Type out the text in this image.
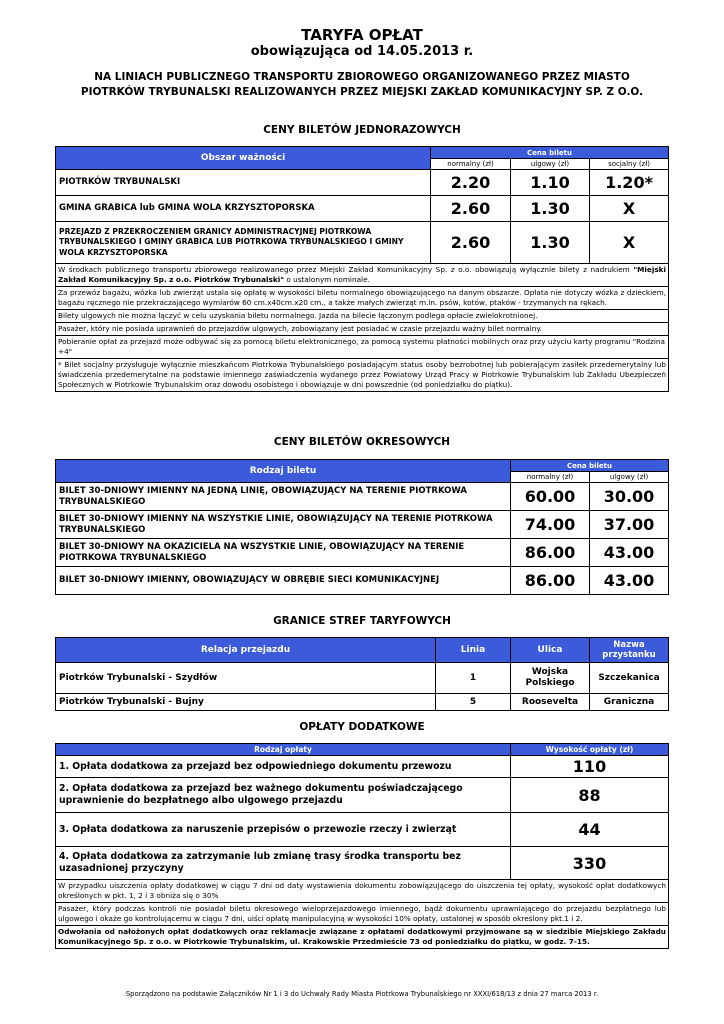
TARYFA OPŁAT
obowiązująca od 14.05.2013 r.
NA LINIACH PUBLICZNEGO TRANSPORTU ZBIOROWEGO ORGANIZOWANEGO PRZEZ MIASTO PIOTRKÓW TRYBUNALSKI REALIZOWANYCH PRZEZ MIEJSKI ZAKŁAD KOMUNIKACYJNY SP. Z O.O.
CENY BILETÓW JEDNORAZOWYCH
Obszar ważności	Cena biletu		
	normalny (zł)	ulgowy (zł)	socjalny (zł)
PIOTRKÓW TRYBUNALSKI	2.20	1.10	1.20*
GMINA GRABICA lub GMINA WOLA KRZYSZTOPORSKA	2.60	1.30	X
PRZEJAZD Z PRZEKROCZENIEM GRANICY ADMINISTRACYJNEJ PIOTRKOWA TRYBUNALSKIEGO I GMINY GRABICA LUB PIOTRKOWA TRYBUNALSKIEGO I GMINY WOLA KRZYSZTOPORSKA	2.60	1.30	X
W środkach publicznego transportu zbiorowego realizowanego przez Miejski Zakład Komunikacyjny Sp. z o.o. obowiązują wyłącznie bilety z nadrukiem "Miejski Zakład Komunikacyjny Sp. z o.o. Piotrków Trybunalski" o ustalonym nominale.			
Za przewóz bagażu, wózka lub zwierząt ustala się opłatę w wysokości biletu normalnego obowiązującego na danym obszarze. Opłata nie dotyczy wózka z dzieckiem, bagażu ręcznego nie przekraczającego wymiarów 60 cm.x40cm.x20 cm., a także małych zwierząt m.in. psów, kotów, ptaków - trzymanych na rękach.			
Bilety ulgowych nie można łączyć w celu uzyskania biletu normalnego. Jazda na bilecie łączonym podlega opłacie zwielokrotnionej.			
Pasażer, który nie posiada uprawnień do przejazdów ulgowych, zobowiązany jest posiadać w czasie przejazdu ważny bilet normalny.			
Pobieranie opłat za przejazd może odbywać się za pomocą biletu elektronicznego, za pomocą systemu płatności mobilnych oraz przy użyciu karty programu "Rodzina +4"			
* Bilet socjalny przysługuje wyłącznie mieszkańcom Piotrkowa Trybunalskiego posiadającym status osoby bezrobotnej lub pobierającym zasiłek przedemerytalny lub świadczenia przedemerytalne na podstawie imiennego zaświadczenia wydanego przez Powiatowy Urząd Pracy w Piotrkowie Trybunalskim lub Zakładu Ubezpieczeń Społecznych w Piotrkowie Trybunalskim oraz dowodu osobistego i obowiązuje w dni powszednie (od poniedziałku do piątku).			
CENY BILETÓW OKRESOWYCH
Rodzaj biletu	Cena biletu	
	normalny (zł)	ulgowy (zł)
BILET 30-DNIOWY IMIENNY NA JEDNĄ LINIĘ, OBOWIĄZUJĄCY NA TERENIE PIOTRKOWA TRYBUNALSKIEGO	60.00	30.00
BILET 30-DNIOWY IMIENNY NA WSZYSTKIE LINIE, OBOWIĄZUJĄCY NA TERENIE PIOTRKOWA TRYBUNALSKIEGO	74.00	37.00
BILET 30-DNIOWY NA OKAZICIELA NA WSZYSTKIE LINIE, OBOWIĄZUJĄCY NA TERENIE PIOTRKOWA TRYBUNALSKIEGO	86.00	43.00
BILET 30-DNIOWY IMIENNY, OBOWIĄZUJĄCY W OBRĘBIE SIECI KOMUNIKACYJNEJ	86.00	43.00
GRANICE STREF TARYFOWYCH
Relacja przejazdu	Linia	Ulica	Nazwa przystanku
Piotrków Trybunalski - Szydłów	1	Wojska Polskiego	Szczekanica
Piotrków Trybunalski - Bujny	5	Roosevelta	Graniczna
OPŁATY DODATKOWE
Rodzaj opłaty	Wysokość opłaty (zł)
1. Opłata dodatkowa za przejazd bez odpowiedniego dokumentu przewozu	110
2. Opłata dodatkowa za przejazd bez ważnego dokumentu poświadczającego uprawnienie do bezpłatnego albo ulgowego przejazdu	88
3. Opłata dodatkowa za naruszenie przepisów o przewozie rzeczy i zwierząt	44
4. Opłata dodatkowa za zatrzymanie lub zmianę trasy środka transportu bez uzasadnionej przyczyny	330
W przypadku uiszczenia opłaty dodatkowej w ciągu 7 dni od daty wystawienia dokumentu zobowiązującego do uiszczenia tej opłaty, wysokość opłat dodatkowych określonych w pkt. 1, 2 i 3 obniża się o 30%	
Pasażer, który podczas kontroli nie posiadał biletu okresowego wieloprzejazdowego imiennego, bądź dokumentu uprawniającego do przejazdu bezpłatnego lub ulgowego i okaże go kontrolującemu w ciągu 7 dni, uiści opłatę manipulacyjną w wysokości 10% opłaty, ustalonej w sposób określony pkt.1 i 2.	
Odwołania od nałożonych opłat dodatkowych oraz reklamacje związane z opłatami dodatkowymi przyjmowane są w siedzibie Miejskiego Zakładu Komunikacyjnego Sp. z o.o. w Piotrkowie Trybunalskim, ul. Krakowskie Przedmieście 73 od poniedziałku do piątku, w godz. 7-15.	
Sporządzono na podstawie Załączników Nr 1 i 3 do Uchwały Rady Miasta Piotrkowa Trybunalskiego nr XXXI/618/13 z dnia 27 marca 2013 r.
